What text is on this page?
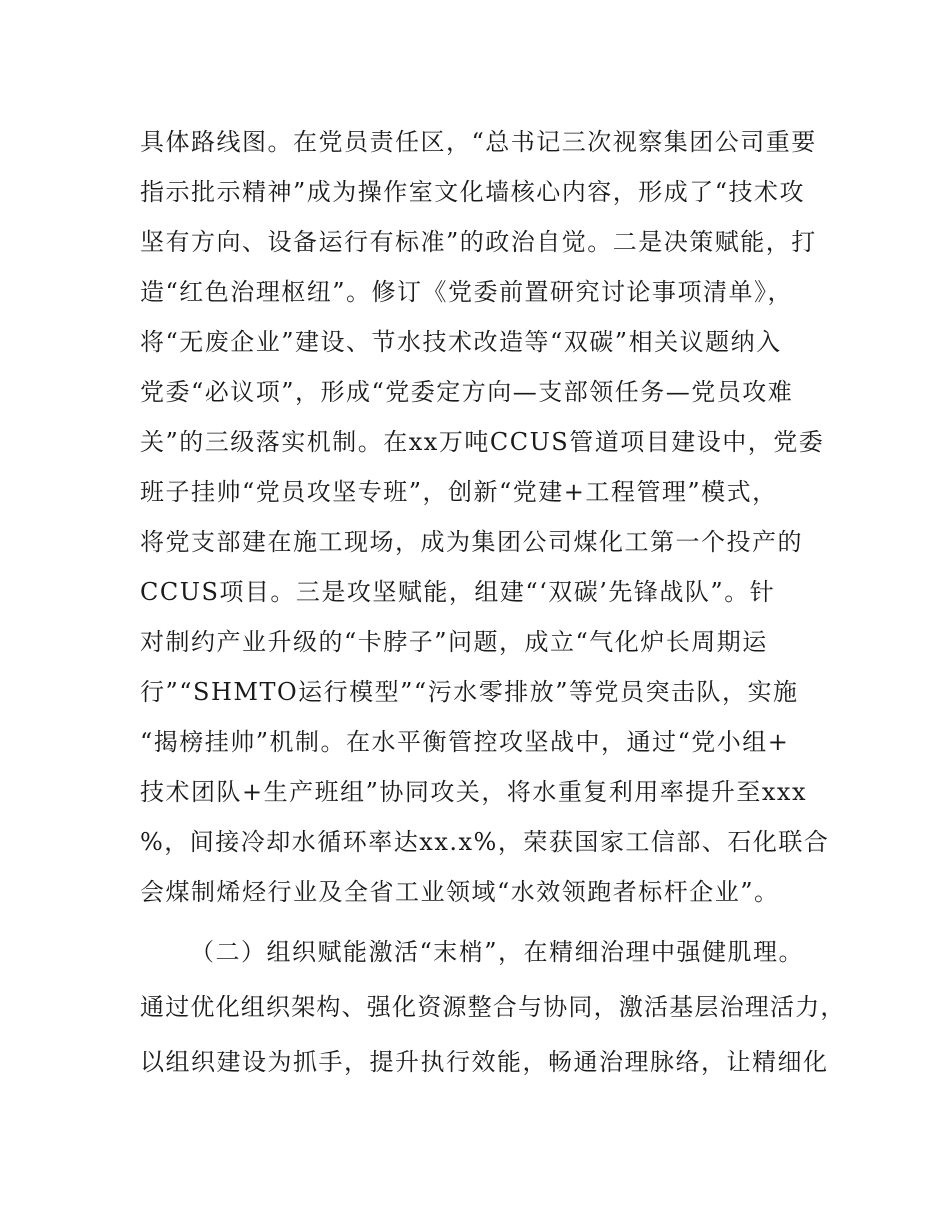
具体路线图。在党员责任区，“总书记三次视察集团公司重要
指示批示精神”成为操作室文化墙核心内容，形成了“技术攻
坚有方向、设备运行有标准”的政治自觉。二是决策赋能，打
造“红色治理枢纽”。修订《党委前置研究讨论事项清单》，
将“无废企业”建设、节水技术改造等“双碳”相关议题纳入
党委“必议项”，形成“党委定方向—支部领任务—党员攻难
关”的三级落实机制。在xx万吨CCUS管道项目建设中，党委
班子挂帅“党员攻坚专班”，创新“党建+工程管理”模式，
将党支部建在施工现场，成为集团公司煤化工第一个投产的
CCUS项目。三是攻坚赋能，组建“‘双碳’先锋战队”。针
对制约产业升级的“卡脖子”问题，成立“气化炉长周期运
行”“SHMTO运行模型”“污水零排放”等党员突击队，实施
“揭榜挂帅”机制。在水平衡管控攻坚战中，通过“党小组+
技术团队+生产班组”协同攻关，将水重复利用率提升至xxx
%，间接冷却水循环率达xx.x%，荣获国家工信部、石化联合
会煤制烯烃行业及全省工业领域“水效领跑者标杆企业”。
（二）组织赋能激活“末梢”，在精细治理中强健肌理。
通过优化组织架构、强化资源整合与协同，激活基层治理活力，
以组织建设为抓手，提升执行效能，畅通治理脉络，让精细化
